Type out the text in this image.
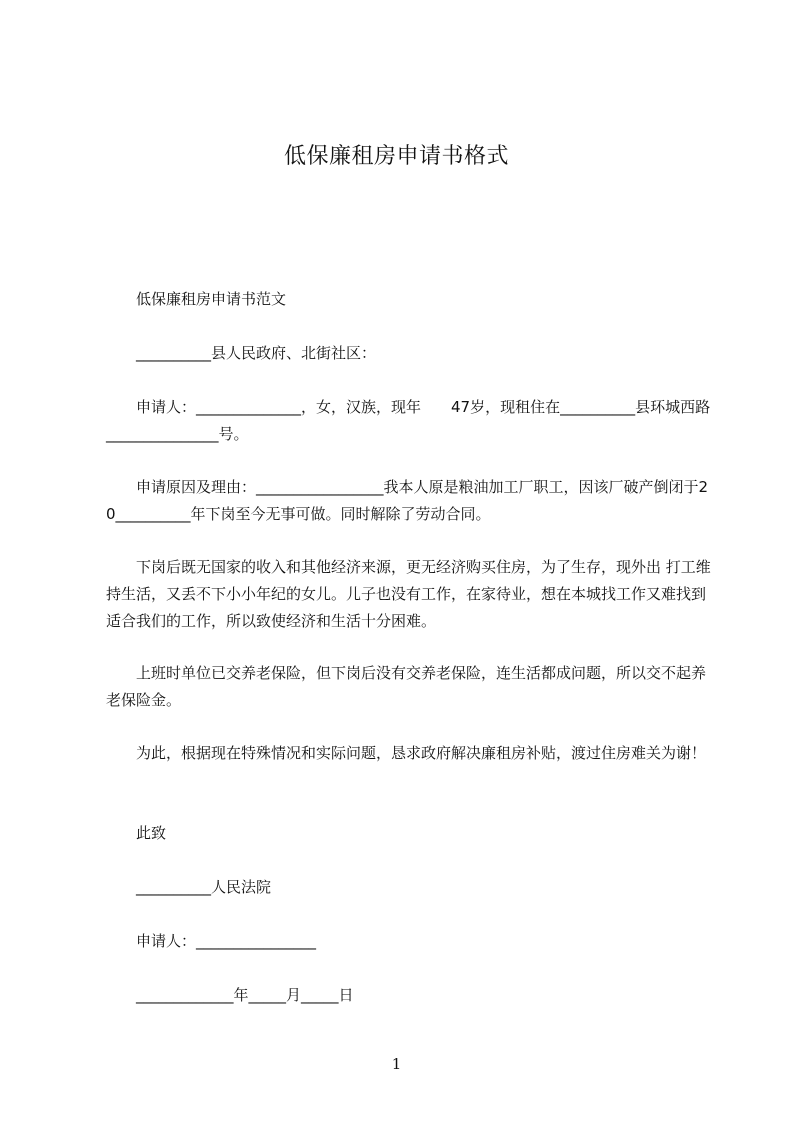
低保廉租房申请书格式
低保廉租房申请书范文
__________县人民政府、北街社区：
申请人：______________，女，汉族，现年　　47岁，现租住在__________县环城西路_______________号。
申请原因及理由：_________________我本人原是粮油加工厂职工，因该厂破产倒闭于20__________年下岗至今无事可做。同时解除了劳动合同。
下岗后既无国家的收入和其他经济来源，更无经济购买住房，为了生存，现外出 打工维持生活，又丢不下小小年纪的女儿。儿子也没有工作，在家待业，想在本城找工作又难找到适合我们的工作，所以致使经济和生活十分困难。
上班时单位已交养老保险，但下岗后没有交养老保险，连生活都成问题，所以交不起养老保险金。
为此，根据现在特殊情况和实际问题，恳求政府解决廉租房补贴，渡过住房难关为谢！
此致
__________人民法院
申请人：________________
_____________年_____月_____日
1
